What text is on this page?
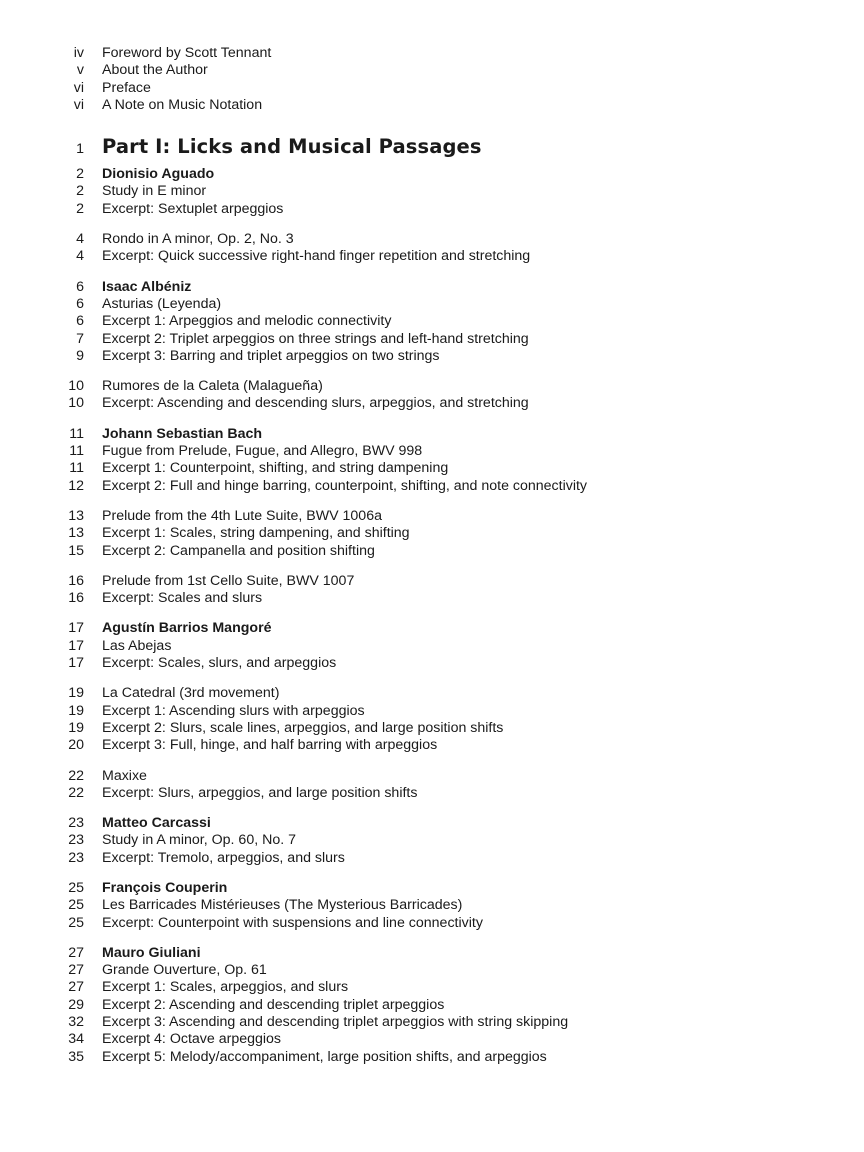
iv	Foreword by Scott Tennant
v	About the Author
vi	Preface
vi	A Note on Music Notation
1 Part I: Licks and Musical Passages
2	Dionisio Aguado
2	Study in E minor
2	Excerpt: Sextuplet arpeggios
4	Rondo in A minor, Op. 2, No. 3
4	Excerpt: Quick successive right-hand finger repetition and stretching
6	Isaac Albéniz
6	Asturias (Leyenda)
6	Excerpt 1: Arpeggios and melodic connectivity
7	Excerpt 2: Triplet arpeggios on three strings and left-hand stretching
9	Excerpt 3: Barring and triplet arpeggios on two strings
10	Rumores de la Caleta (Malagueña)
10	Excerpt: Ascending and descending slurs, arpeggios, and stretching
11	Johann Sebastian Bach
11	Fugue from Prelude, Fugue, and Allegro, BWV 998
11	Excerpt 1: Counterpoint, shifting, and string dampening
12	Excerpt 2: Full and hinge barring, counterpoint, shifting, and note connectivity
13	Prelude from the 4th Lute Suite, BWV 1006a
13	Excerpt 1: Scales, string dampening, and shifting
15	Excerpt 2: Campanella and position shifting
16	Prelude from 1st Cello Suite, BWV 1007
16	Excerpt: Scales and slurs
17	Agustín Barrios Mangoré
17	Las Abejas
17	Excerpt: Scales, slurs, and arpeggios
19	La Catedral (3rd movement)
19	Excerpt 1: Ascending slurs with arpeggios
19	Excerpt 2: Slurs, scale lines, arpeggios, and large position shifts
20	Excerpt 3: Full, hinge, and half barring with arpeggios
22	Maxixe
22	Excerpt: Slurs, arpeggios, and large position shifts
23	Matteo Carcassi
23	Study in A minor, Op. 60, No. 7
23	Excerpt: Tremolo, arpeggios, and slurs
25	François Couperin
25	Les Barricades Mistérieuses (The Mysterious Barricades)
25	Excerpt: Counterpoint with suspensions and line connectivity
27	Mauro Giuliani
27	Grande Ouverture, Op. 61
27	Excerpt 1: Scales, arpeggios, and slurs
29	Excerpt 2: Ascending and descending triplet arpeggios
32	Excerpt 3: Ascending and descending triplet arpeggios with string skipping
34	Excerpt 4: Octave arpeggios
35	Excerpt 5: Melody/accompaniment, large position shifts, and arpeggios
